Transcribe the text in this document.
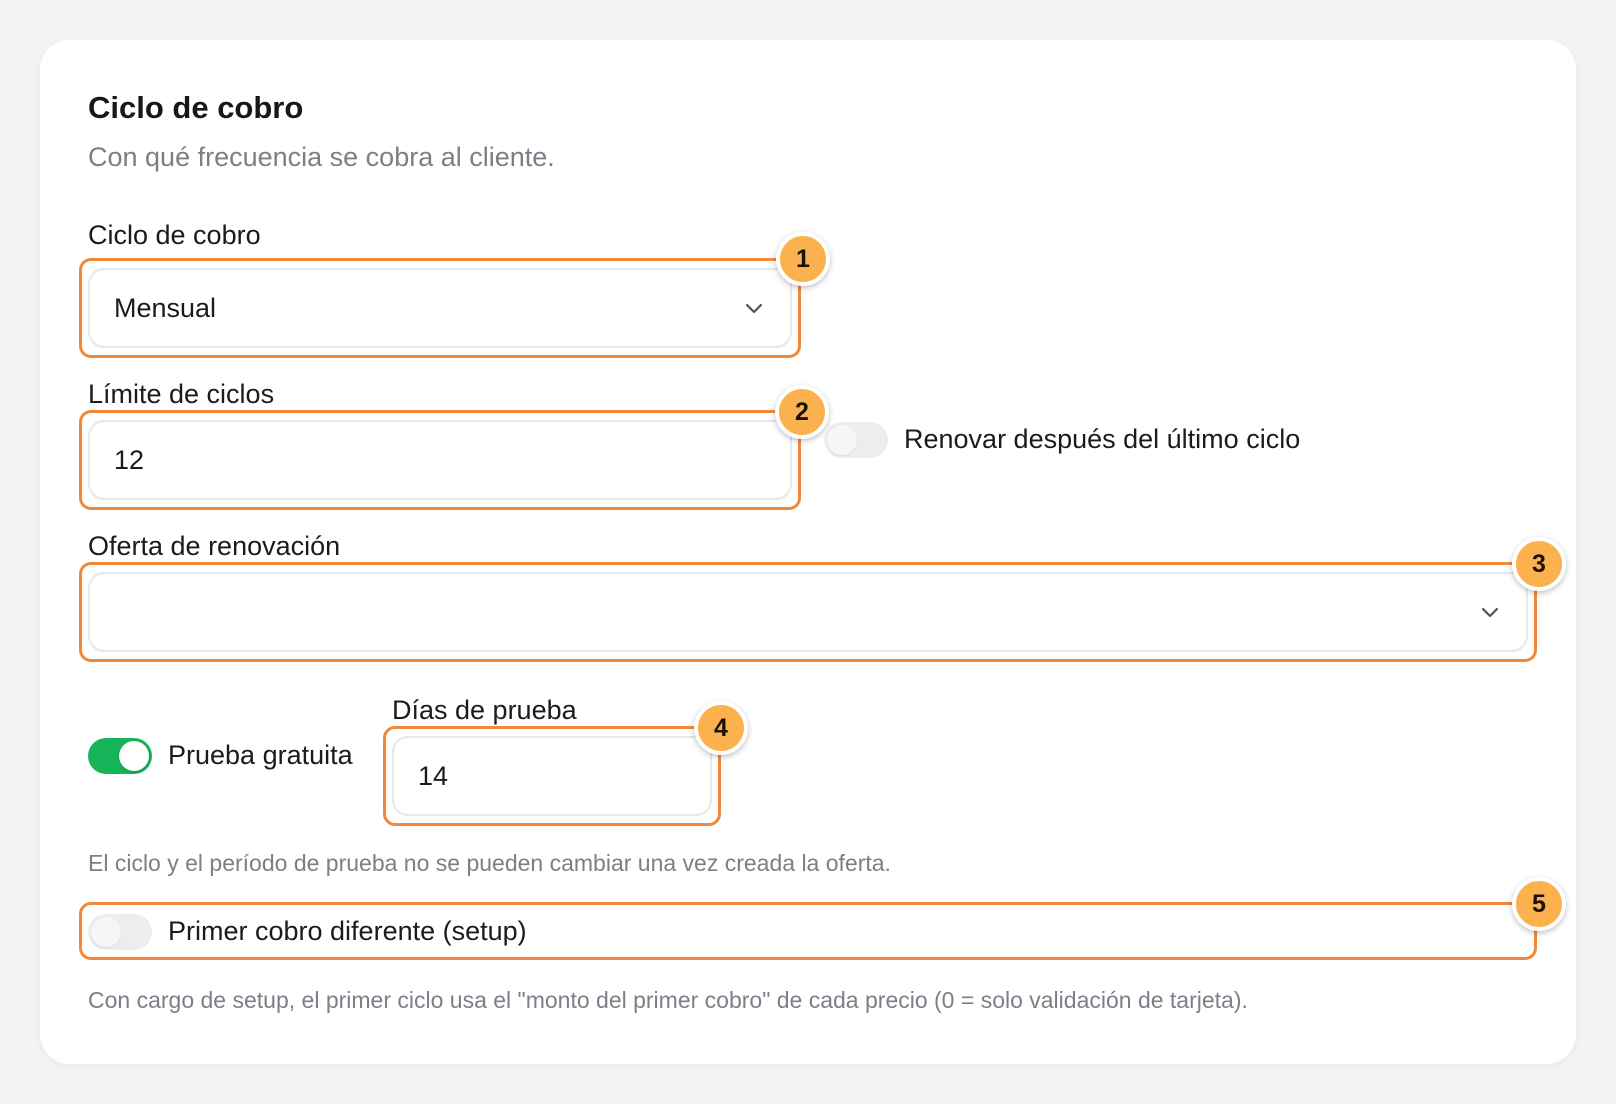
Ciclo de cobro
Con qué frecuencia se cobra al cliente.
Ciclo de cobro
Mensual
1
Límite de ciclos
12
2
Renovar después del último ciclo
Oferta de renovación
3
Prueba gratuita
Días de prueba
14
4
El ciclo y el período de prueba no se pueden cambiar una vez creada la oferta.
Primer cobro diferente (setup)
5
Con cargo de setup, el primer ciclo usa el "monto del primer cobro" de cada precio (0 = solo validación de tarjeta).
